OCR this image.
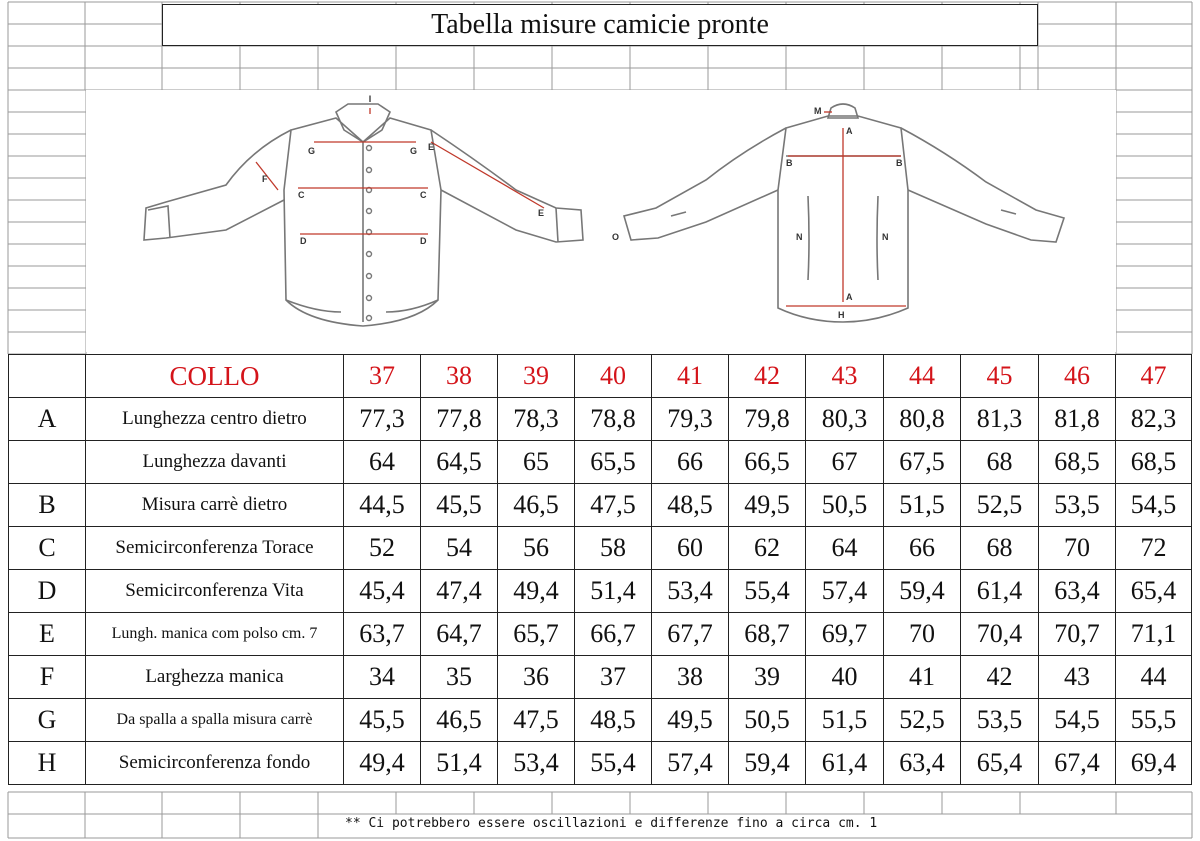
Tabella misure camicie pronte
I
G	G E
F
C	C
E
D	D
M
A
B	B
N	N
A
H
O
	COLLO	37	38	39	40	41	42	43	44	45	46	47
A	Lunghezza centro dietro	77,3	77,8	78,3	78,8	79,3	79,8	80,3	80,8	81,3	81,8	82,3
	Lunghezza davanti	64	64,5	65	65,5	66	66,5	67	67,5	68	68,5	68,5
B	Misura carrè dietro	44,5	45,5	46,5	47,5	48,5	49,5	50,5	51,5	52,5	53,5	54,5
C	Semicirconferenza Torace	52	54	56	58	60	62	64	66	68	70	72
D	Semicirconferenza Vita	45,4	47,4	49,4	51,4	53,4	55,4	57,4	59,4	61,4	63,4	65,4
E	Lungh. manica com polso cm. 7	63,7	64,7	65,7	66,7	67,7	68,7	69,7	70	70,4	70,7	71,1
F	Larghezza manica	34	35	36	37	38	39	40	41	42	43	44
G	Da spalla a spalla misura carrè	45,5	46,5	47,5	48,5	49,5	50,5	51,5	52,5	53,5	54,5	55,5
H	Semicirconferenza fondo	49,4	51,4	53,4	55,4	57,4	59,4	61,4	63,4	65,4	67,4	69,4
** Ci potrebbero essere oscillazioni e differenze fino a circa cm. 1
